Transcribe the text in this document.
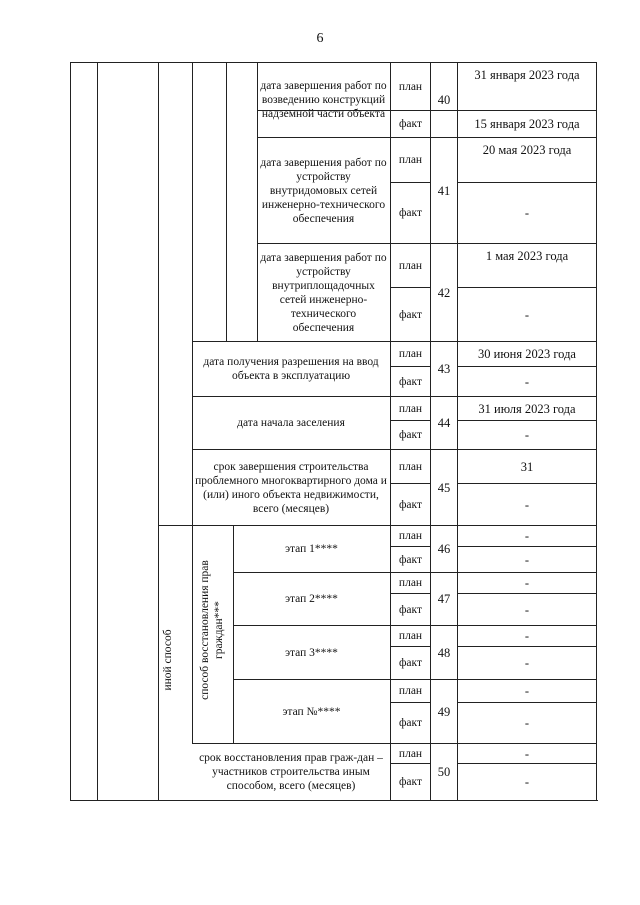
6
дата завершения работ по возведению конструкций надземной части объекта
план
факт
40
31 января 2023 года
15 января 2023 года
дата завершения работ по устройству внутридомовых сетей инженерно-технического обеспечения
план
факт
41
20 мая 2023 года
-
дата завершения работ по устройству внутриплощадочных сетей инженерно-технического обеспечения
план
факт
42
1 мая 2023 года
-
дата получения разрешения на ввод объекта в эксплуатацию
план
факт
43
30 июня 2023 года
-
дата начала заселения
план
факт
44
31 июля 2023 года
-
срок завершения строительства проблемного многоквартирного дома и (или) иного объекта недвижимости, всего (месяцев)
план
факт
45
31
-
этап 1****
план
факт
46
-
-
этап 2****
план
факт
47
-
-
этап 3****
план
факт
48
-
-
этап №****
план
факт
49
-
-
срок восстановления прав граж-дан – участников строительства иным способом, всего (месяцев)
план
факт
50
-
-
иной способ	способ восстановления прав граждан***
